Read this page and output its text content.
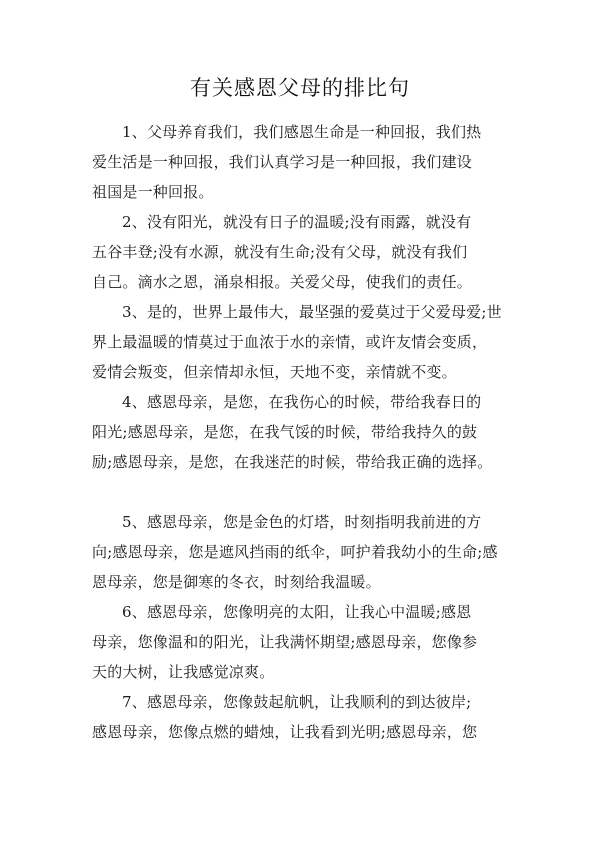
有关感恩父母的排比句
1、父母养育我们，我们感恩生命是一种回报，我们热
爱生活是一种回报，我们认真学习是一种回报，我们建设
祖国是一种回报。
2、没有阳光，就没有日子的温暖;没有雨露，就没有
五谷丰登;没有水源，就没有生命;没有父母，就没有我们
自己。滴水之恩，涌泉相报。关爱父母，使我们的责任。
3、是的，世界上最伟大，最坚强的爱莫过于父爱母爱;世
界上最温暖的情莫过于血浓于水的亲情，或许友情会变质，
爱情会叛变，但亲情却永恒，天地不变，亲情就不变。
4、感恩母亲，是您，在我伤心的时候，带给我春日的
阳光;感恩母亲，是您，在我气馁的时候，带给我持久的鼓
励;感恩母亲，是您，在我迷茫的时候，带给我正确的选择。
5、感恩母亲，您是金色的灯塔，时刻指明我前进的方
向;感恩母亲，您是遮风挡雨的纸伞，呵护着我幼小的生命;感
恩母亲，您是御寒的冬衣，时刻给我温暖。
6、感恩母亲，您像明亮的太阳，让我心中温暖;感恩
母亲，您像温和的阳光，让我满怀期望;感恩母亲，您像参
天的大树，让我感觉凉爽。
7、感恩母亲，您像鼓起航帆，让我顺利的到达彼岸;
感恩母亲，您像点燃的蜡烛，让我看到光明;感恩母亲，您
